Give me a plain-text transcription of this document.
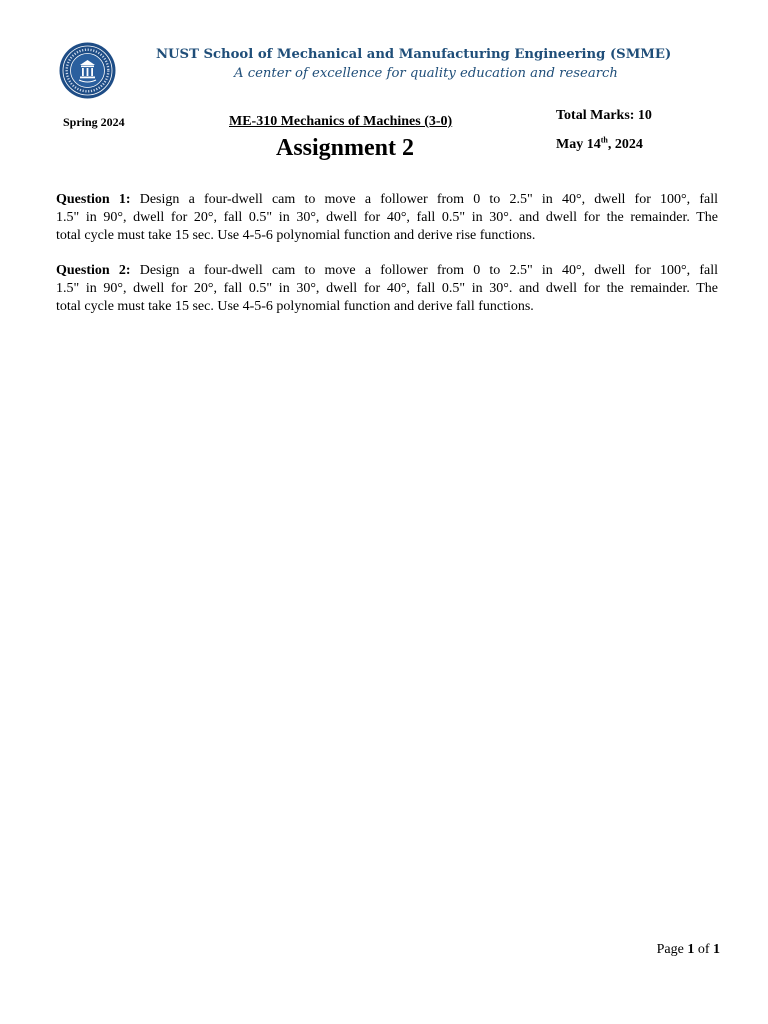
NUST School of Mechanical and Manufacturing Engineering (SMME)
A center of excellence for quality education and research
Spring 2024	ME-310 Mechanics of Machines (3-0)
Assignment 2
Total Marks: 10
May 14th, 2024
Question 1: Design a four-dwell cam to move a follower from 0 to 2.5" in 40°, dwell for 100°, fall
1.5" in 90°, dwell for 20°, fall 0.5" in 30°, dwell for 40°, fall 0.5" in 30°. and dwell for the remainder. The
total cycle must take 15 sec. Use 4-5-6 polynomial function and derive rise functions.
Question 2: Design a four-dwell cam to move a follower from 0 to 2.5" in 40°, dwell for 100°, fall
1.5" in 90°, dwell for 20°, fall 0.5" in 30°, dwell for 40°, fall 0.5" in 30°. and dwell for the remainder. The
total cycle must take 15 sec. Use 4-5-6 polynomial function and derive fall functions.
Page 1 of 1
